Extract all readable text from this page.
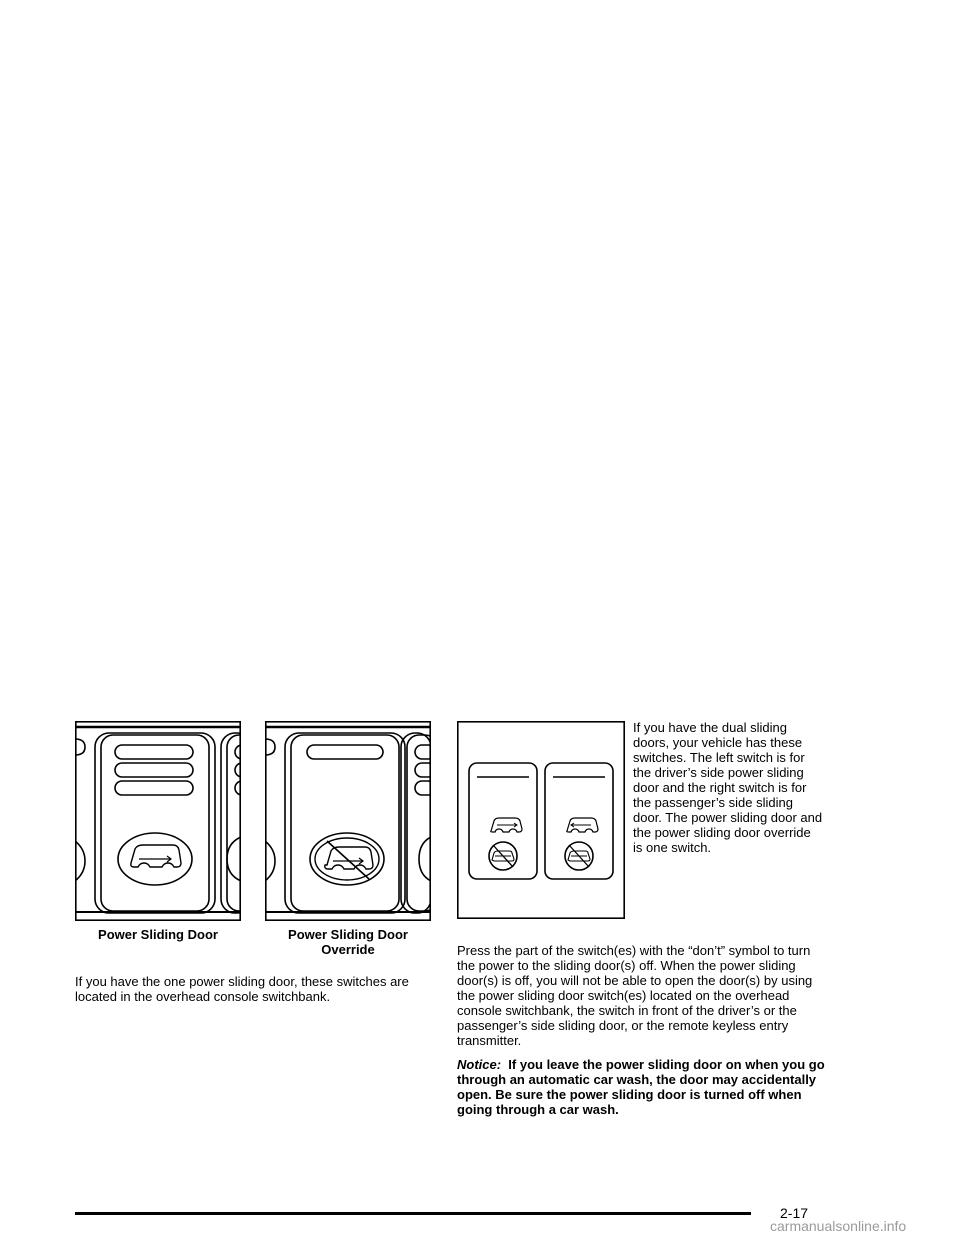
Power Sliding Door	Power Sliding Door
Override

If you have the one power sliding door, these switches are located in the overhead console switchbank.

If you have the dual sliding doors, your vehicle has these switches. The left switch is for the driver’s side power sliding door and the right switch is for the passenger’s side sliding door. The power sliding door and the power sliding door override is one switch.

Press the part of the switch(es) with the “don’t” symbol to turn the power to the sliding door(s) off. When the power sliding door(s) is off, you will not be able to open the door(s) by using the power sliding door switch(es) located on the overhead console switchbank, the switch in front of the driver’s or the passenger’s side sliding door, or the remote keyless entry transmitter.

Notice: If you leave the power sliding door on when you go through an automatic car wash, the door may accidentally open. Be sure the power sliding door is turned off when going through a car wash.

2-17
carmanualsonline.info
